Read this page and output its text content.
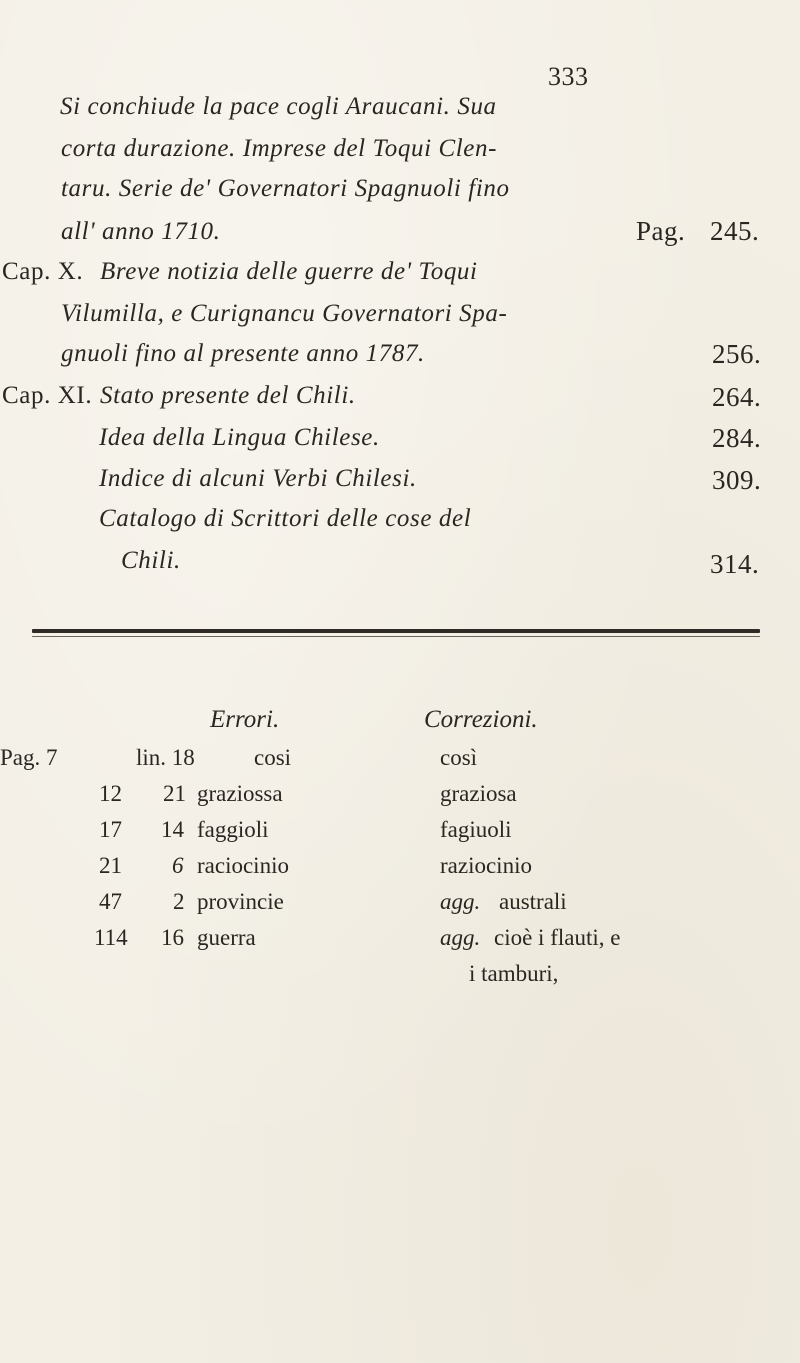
333
Si conchiude la pace cogli Araucani. Sua
corta durazione. Imprese del Toqui Clen-
taru. Serie de' Governatori Spagnuoli fino
all' anno 1710.	Pag. 245.
Cap. X. Breve notizia delle guerre de' Toqui
Vilumilla, e Curignancu Governatori Spa-
gnuoli fino al presente anno 1787.	256.
Cap. XI. Stato presente del Chili.	264.
Idea della Lingua Chilese.	284.
Indice di alcuni Verbi Chilesi.	309.
Catalogo di Scrittori delle cose del
Chili.	314.
Errori.	Correzioni.
Pag. 7	lin. 18	cosi	così
12 21 graziossa	graziosa
17 14 faggioli	fagiuoli
21 6 raciocinio	raziocinio
47 2 provincie	agg. australi
114 16 guerra	agg. cioè i flauti, e
i tamburi,
